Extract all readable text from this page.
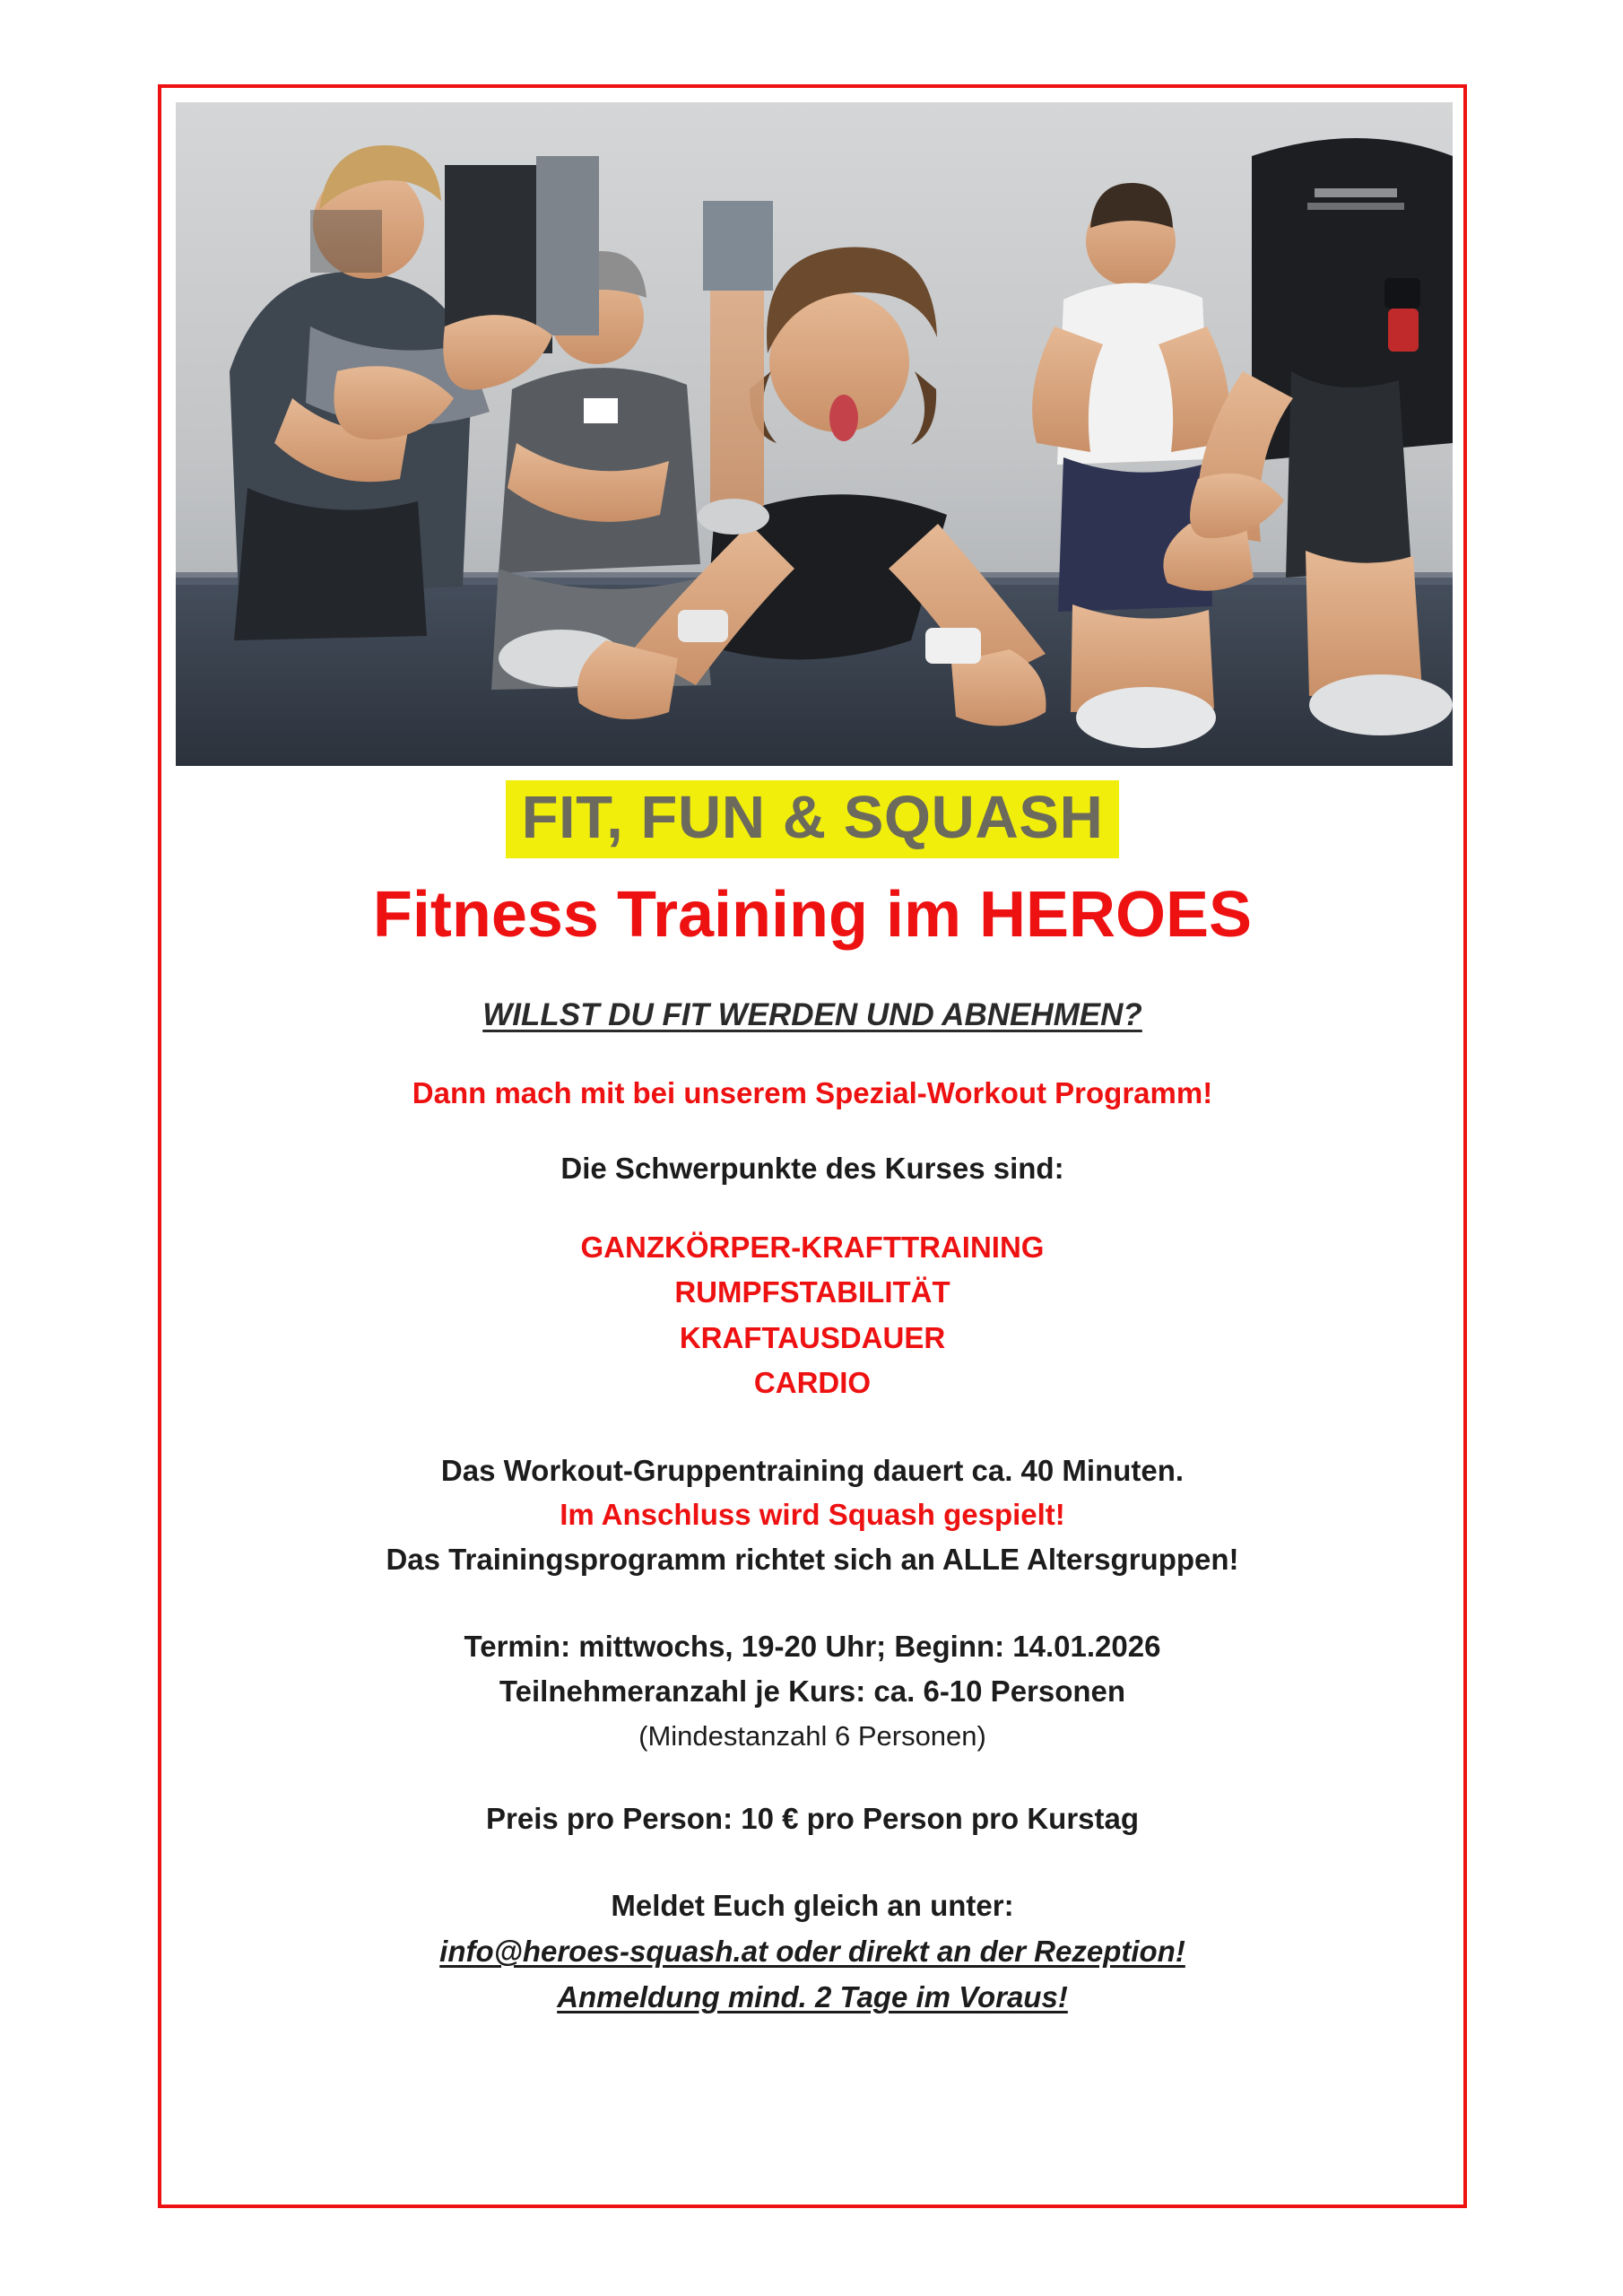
FIT, FUN & SQUASH
Fitness Training im HEROES
WILLST DU FIT WERDEN UND ABNEHMEN?
Dann mach mit bei unserem Spezial-Workout Programm!
Die Schwerpunkte des Kurses sind:
GANZKÖRPER-KRAFTTRAINING
RUMPFSTABILITÄT
KRAFTAUSDAUER
CARDIO
Das Workout-Gruppentraining dauert ca. 40 Minuten.
Im Anschluss wird Squash gespielt!
Das Trainingsprogramm richtet sich an ALLE Altersgruppen!
Termin: mittwochs, 19-20 Uhr; Beginn: 14.01.2026
Teilnehmeranzahl je Kurs: ca. 6-10 Personen
(Mindestanzahl 6 Personen)
Preis pro Person: 10 € pro Person pro Kurstag
Meldet Euch gleich an unter:
info@heroes-squash.at oder direkt an der Rezeption!
Anmeldung mind. 2 Tage im Voraus!
